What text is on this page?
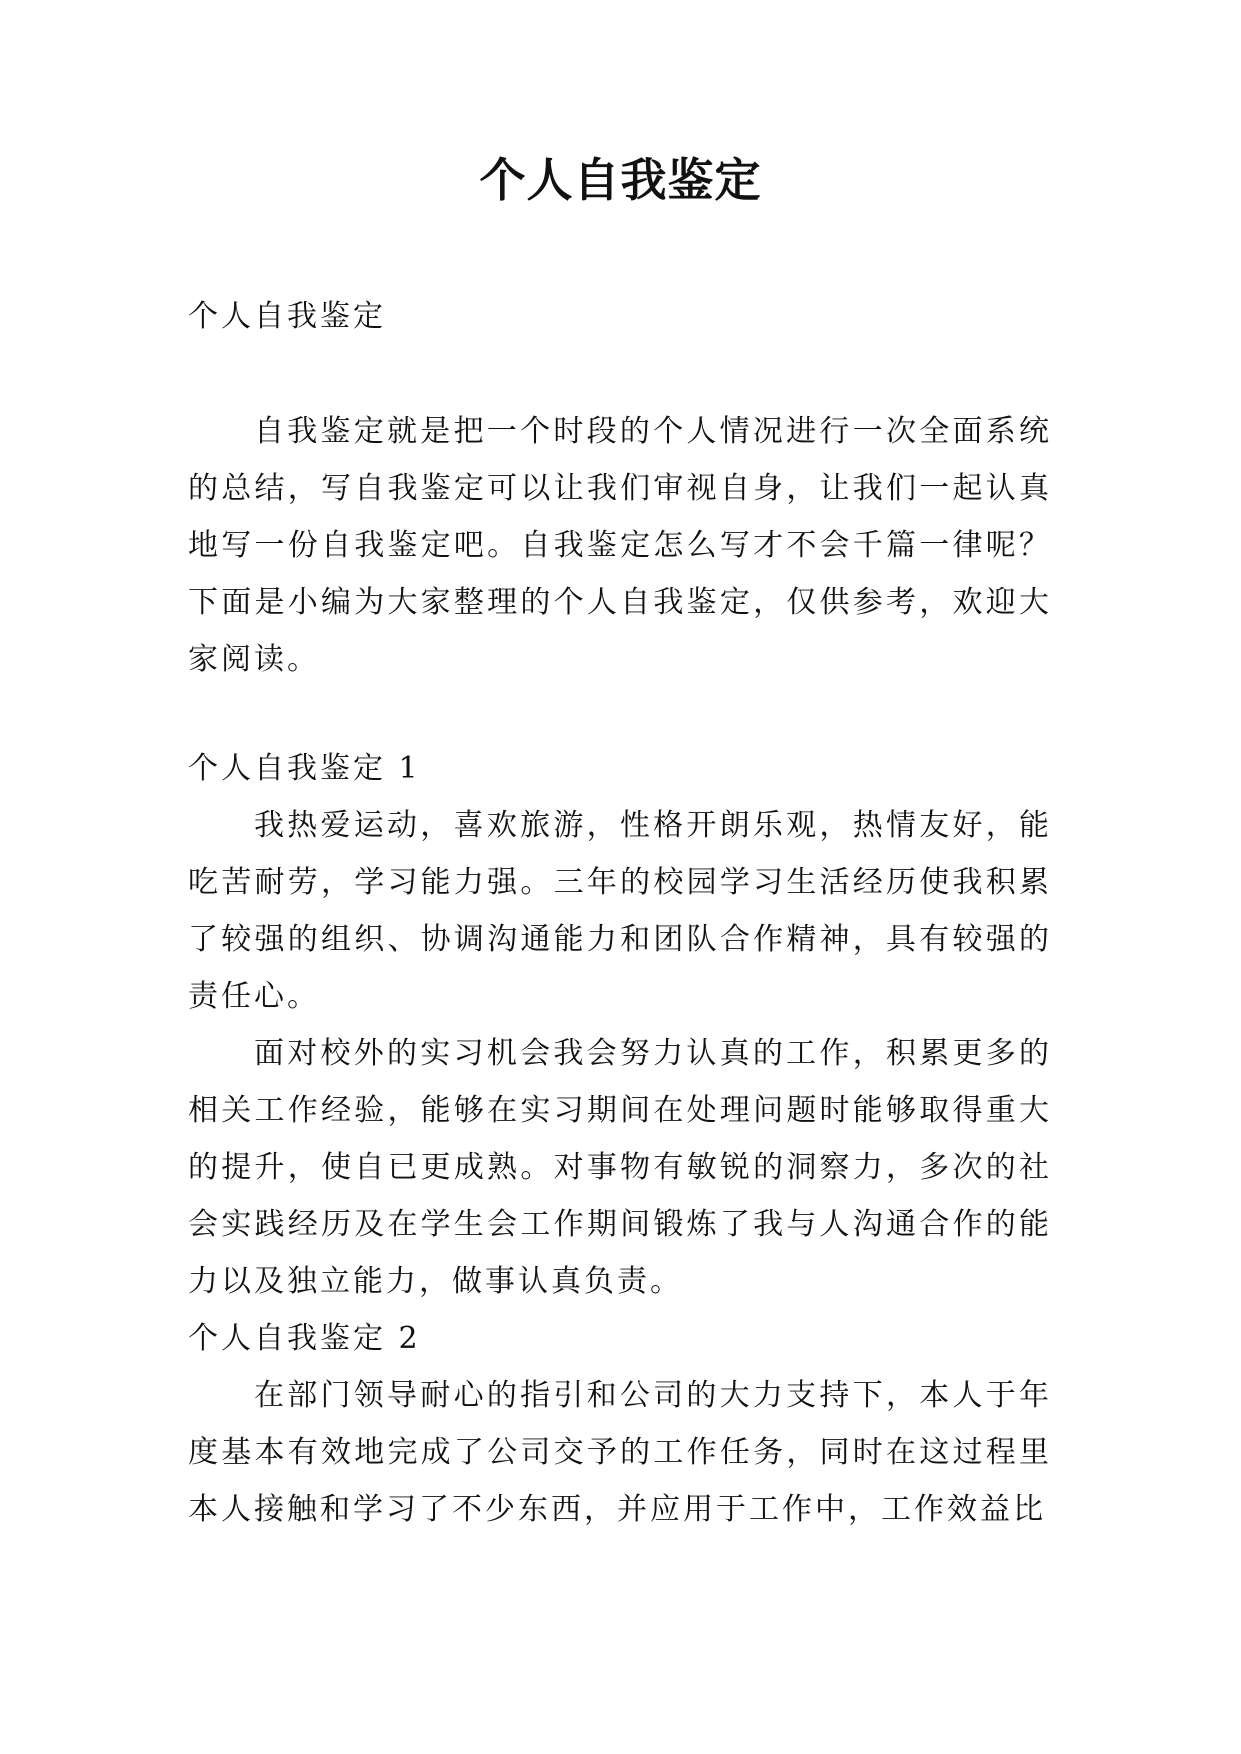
个人自我鉴定

个人自我鉴定

自我鉴定就是把一个时段的个人情况进行一次全面系统的总结，写自我鉴定可以让我们审视自身，让我们一起认真地写一份自我鉴定吧。自我鉴定怎么写才不会千篇一律呢？下面是小编为大家整理的个人自我鉴定，仅供参考，欢迎大家阅读。

个人自我鉴定 1

我热爱运动，喜欢旅游，性格开朗乐观，热情友好，能吃苦耐劳，学习能力强。三年的校园学习生活经历使我积累了较强的组织、协调沟通能力和团队合作精神，具有较强的责任心。

面对校外的实习机会我会努力认真的工作，积累更多的相关工作经验，能够在实习期间在处理问题时能够取得重大的提升，使自已更成熟。对事物有敏锐的洞察力，多次的社会实践经历及在学生会工作期间锻炼了我与人沟通合作的能力以及独立能力，做事认真负责。

个人自我鉴定 2

在部门领导耐心的指引和公司的大力支持下，本人于年度基本有效地完成了公司交予的工作任务，同时在这过程里本人接触和学习了不少东西，并应用于工作中，工作效益比
